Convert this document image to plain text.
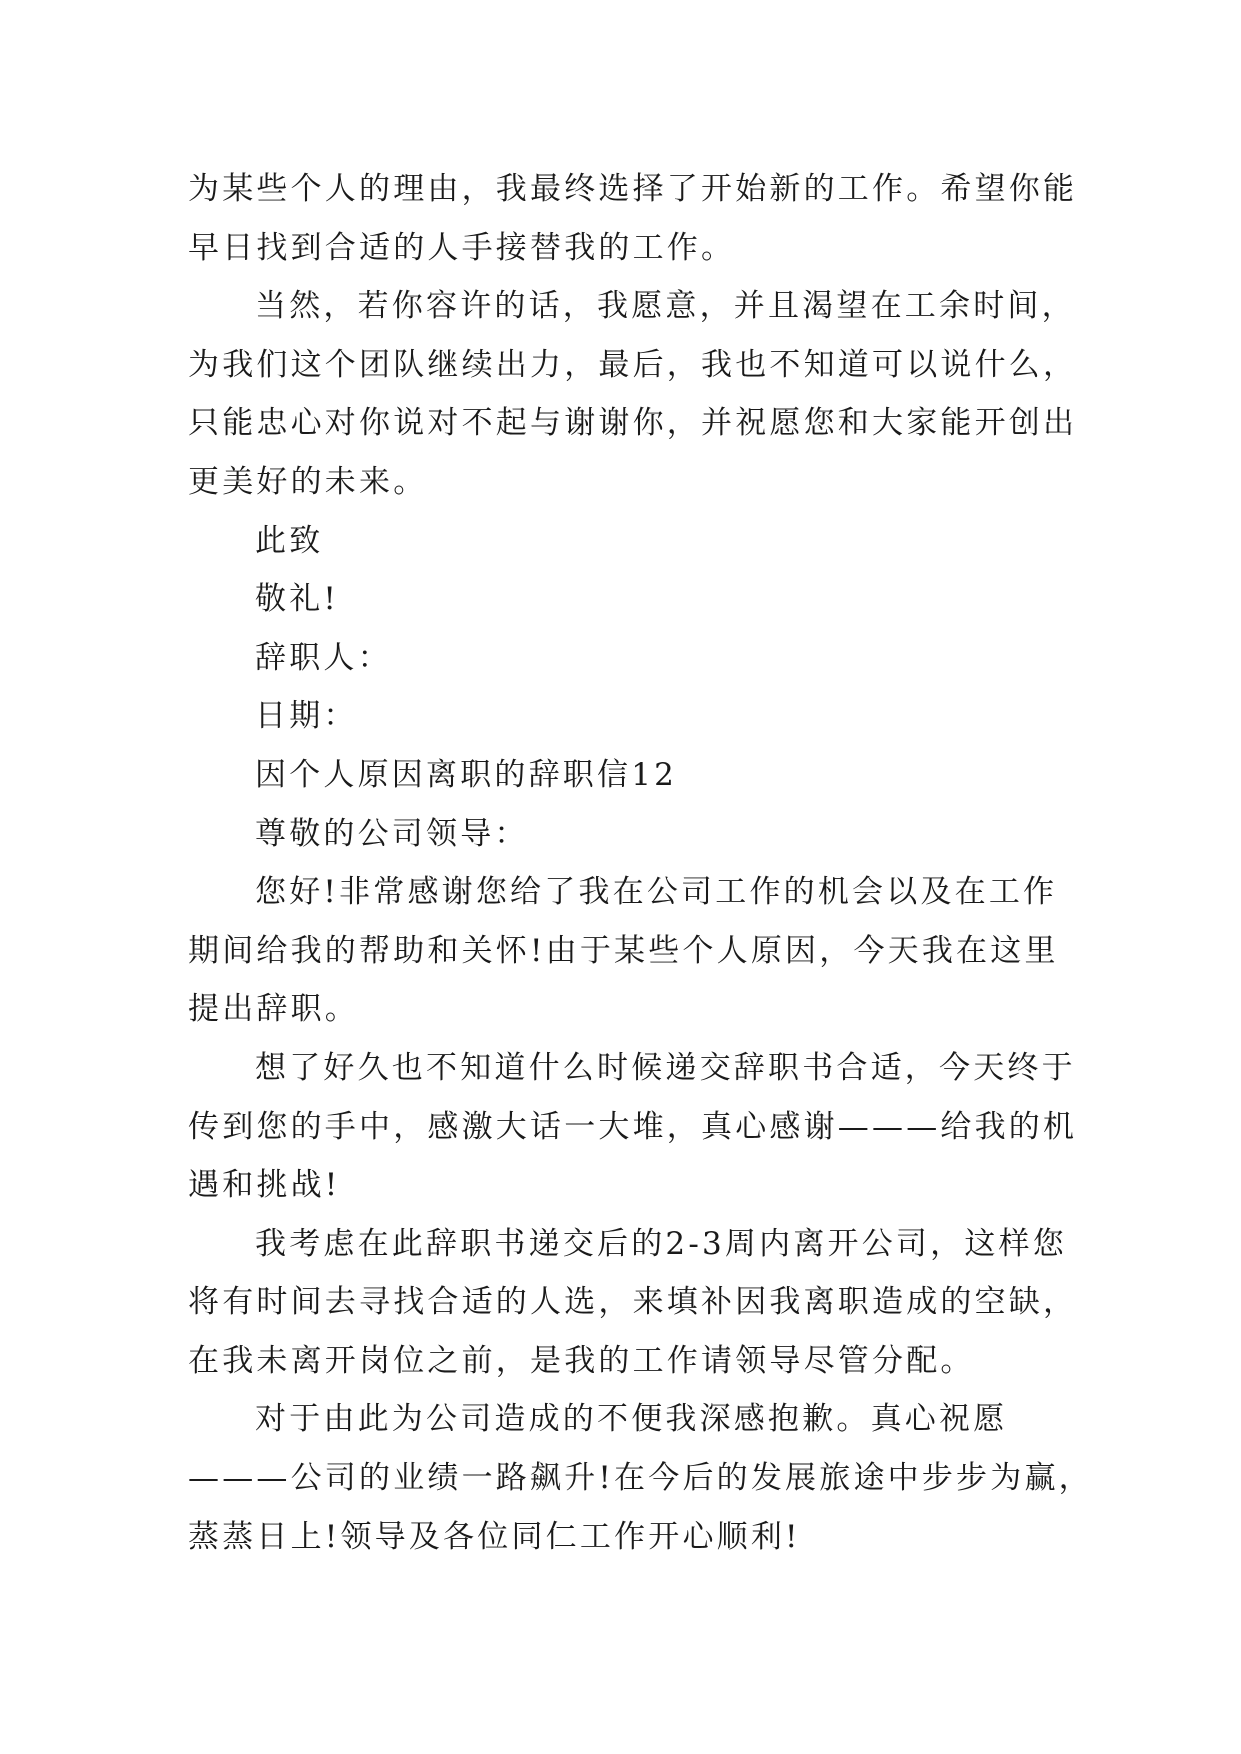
为某些个人的理由，我最终选择了开始新的工作。希望你能

早日找到合适的人手接替我的工作。

当然，若你容许的话，我愿意，并且渴望在工余时间，

为我们这个团队继续出力，最后，我也不知道可以说什么，

只能忠心对你说对不起与谢谢你，并祝愿您和大家能开创出

更美好的未来。

此致

敬礼!

辞职人：

日期：

因个人原因离职的辞职信12

尊敬的公司领导：

您好!非常感谢您给了我在公司工作的机会以及在工作

期间给我的帮助和关怀!由于某些个人原因，今天我在这里

提出辞职。

想了好久也不知道什么时候递交辞职书合适，今天终于

传到您的手中，感激大话一大堆，真心感谢———给我的机

遇和挑战!

我考虑在此辞职书递交后的2-3周内离开公司，这样您

将有时间去寻找合适的人选，来填补因我离职造成的空缺，

在我未离开岗位之前，是我的工作请领导尽管分配。

对于由此为公司造成的不便我深感抱歉。真心祝愿

———公司的业绩一路飙升!在今后的发展旅途中步步为赢，

蒸蒸日上!领导及各位同仁工作开心顺利!
